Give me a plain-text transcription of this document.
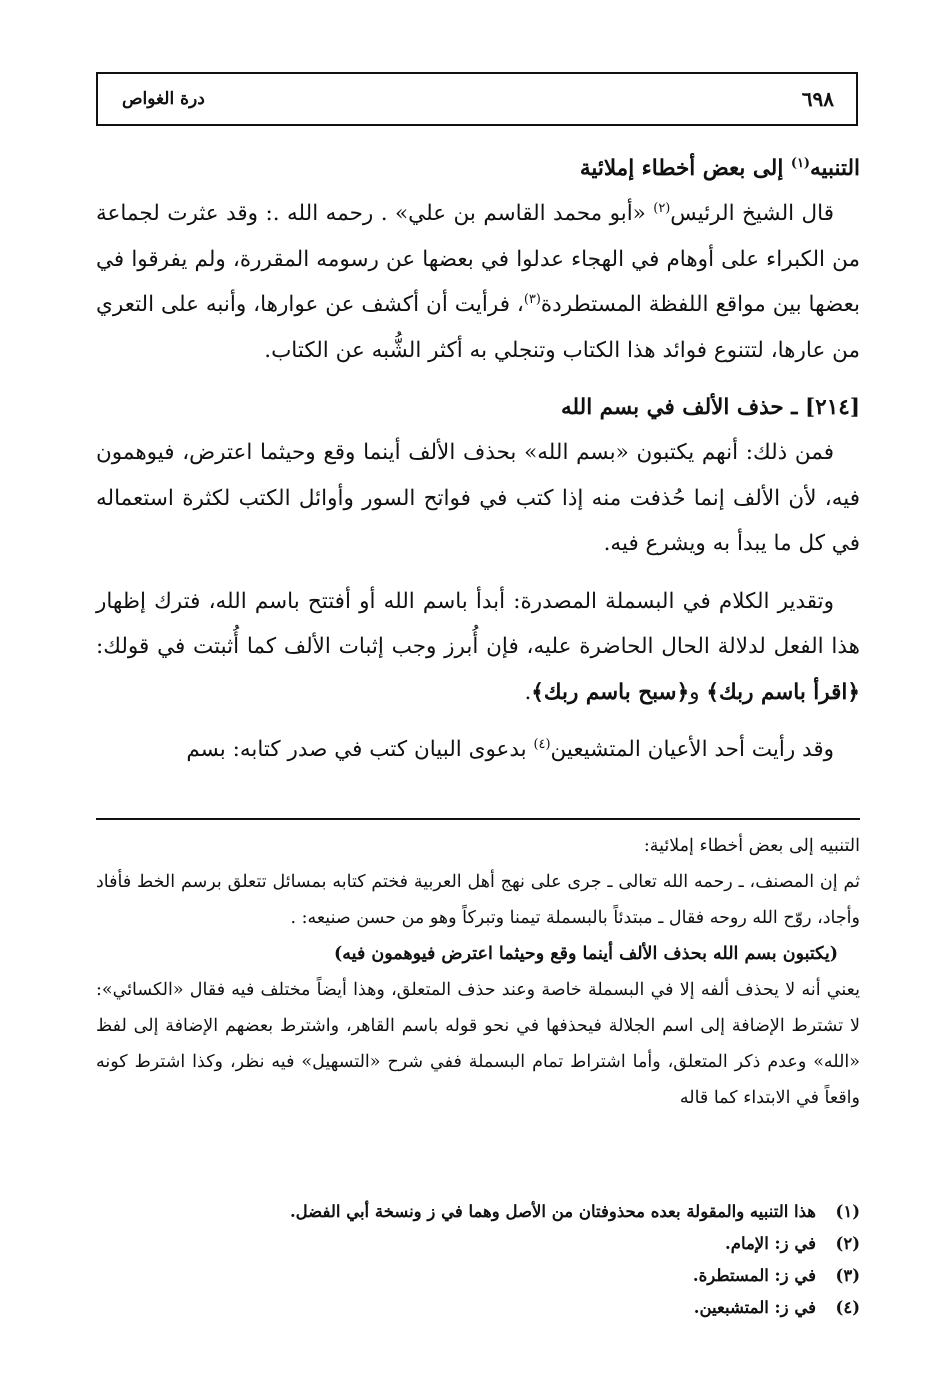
٦٩٨
درة الغواص
التنبيه$^{(١)}$ إلى بعض أخطاء إملائية

قال الشيخ الرئيس$^{(٢)}$ «أبو محمد القاسم بن علي» . رحمه الله .: وقد عثرت لجماعة من الكبراء على أوهام في الهجاء عدلوا في بعضها عن رسومه المقررة، ولم يفرقوا في بعضها بين مواقع اللفظة المستطردة$^{(٣)}$، فرأيت أن أكشف عن عوارها، وأنبه على التعري من عارها، لتتنوع فوائد هذا الكتاب وتنجلي به أكثر الشُّبه عن الكتاب.

[٢١٤] ـ حذف الألف في بسم الله

فمن ذلك: أنهم يكتبون «بسم الله» بحذف الألف أينما وقع وحيثما اعترض، فيوهمون فيه، لأن الألف إنما حُذفت منه إذا كتب في فواتح السور وأوائل الكتب لكثرة استعماله في كل ما يبدأ به ويشرع فيه.

وتقدير الكلام في البسملة المصدرة: أبدأ باسم الله أو أفتتح باسم الله، فترك إظهار هذا الفعل لدلالة الحال الحاضرة عليه، فإن أُبرز وجب إثبات الألف كما أُثبتت في قولك: ﴿اقرأ باسم ربك﴾ و﴿سبح باسم ربك﴾.

وقد رأيت أحد الأعيان المتشيعين$^{(٤)}$ بدعوى البيان كتب في صدر كتابه: بسم

التنبيه إلى بعض أخطاء إملائية:

ثم إن المصنف، ـ رحمه الله تعالى ـ جرى على نهج أهل العربية فختم كتابه بمسائل تتعلق برسم الخط فأفاد وأجاد، روّح الله روحه فقال ـ مبتدئاً بالبسملة تيمنا وتبركاً وهو من حسن صنيعه: .

(يكتبون بسم الله بحذف الألف أينما وقع وحيثما اعترض فيوهمون فيه)

يعني أنه لا يحذف ألفه إلا في البسملة خاصة وعند حذف المتعلق، وهذا أيضاً مختلف فيه فقال «الكسائي»: لا تشترط الإضافة إلى اسم الجلالة فيحذفها في نحو قوله باسم القاهر، واشترط بعضهم الإضافة إلى لفظ «الله» وعدم ذكر المتعلق، وأما اشتراط تمام البسملة ففي شرح «التسهيل» فيه نظر، وكذا اشترط كونه واقعاً في الابتداء كما قاله

(١)
هذا التنبيه والمقولة بعده محذوفتان من الأصل وهما في ز ونسخة أبي الفضل.
(٢)
في ز: الإمام.
(٣)
في ز: المستطرة.
(٤)
في ز: المتشبعين.
